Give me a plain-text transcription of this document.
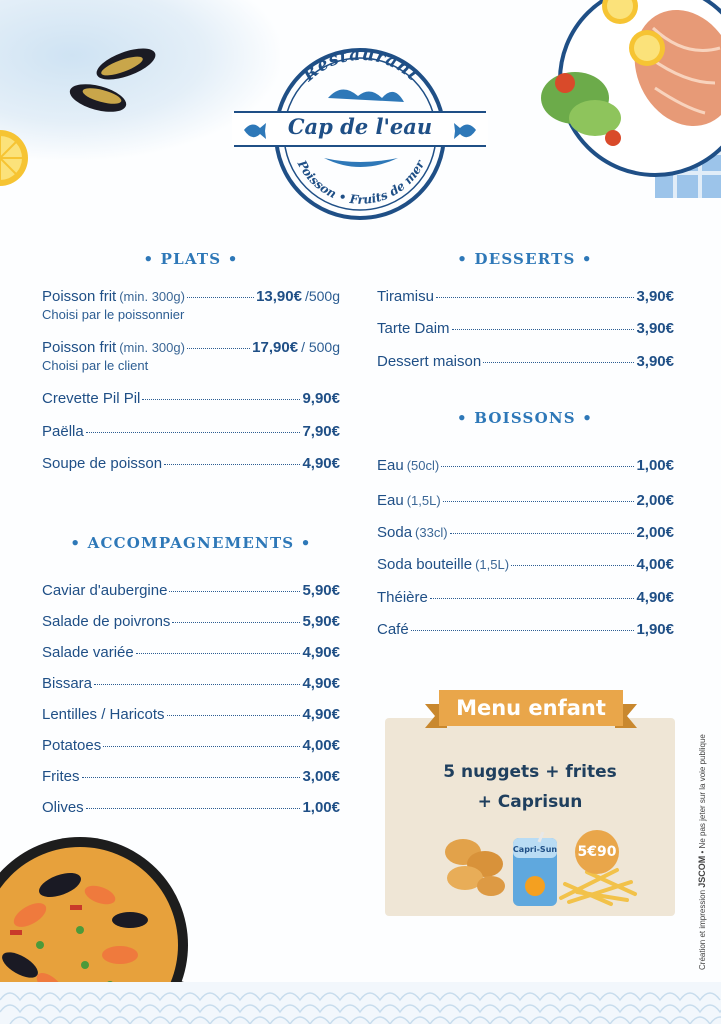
Restaurant
Poisson • Fruits de mer
Cap de l'eau
• PLATS •
Poisson frit (min. 300g)	13,90€ /500g
Choisi par le poissonnier
Poisson frit (min. 300g)	17,90€ / 500g
Choisi par le client
Crevette Pil Pil	9,90€
Paëlla	7,90€
Soupe de poisson	4,90€
• ACCOMPAGNEMENTS •
Caviar d'aubergine	5,90€
Salade de poivrons	5,90€
Salade variée	4,90€
Bissara	4,90€
Lentilles / Haricots	4,90€
Potatoes	4,00€
Frites	3,00€
Olives	1,00€
• DESSERTS •
Tiramisu	3,90€
Tarte Daim	3,90€
Dessert maison	3,90€
• BOISSONS •
Eau (50cl)	1,00€
Eau (1,5L)	2,00€
Soda (33cl)	2,00€
Soda bouteille (1,5L)	4,00€
Théière	4,90€
Café	1,90€
Menu enfant
5 nuggets + frites
+ Caprisun
Capri-Sun 5€90
Création et impression JSCOM • Ne pas jeter sur la voie publique
